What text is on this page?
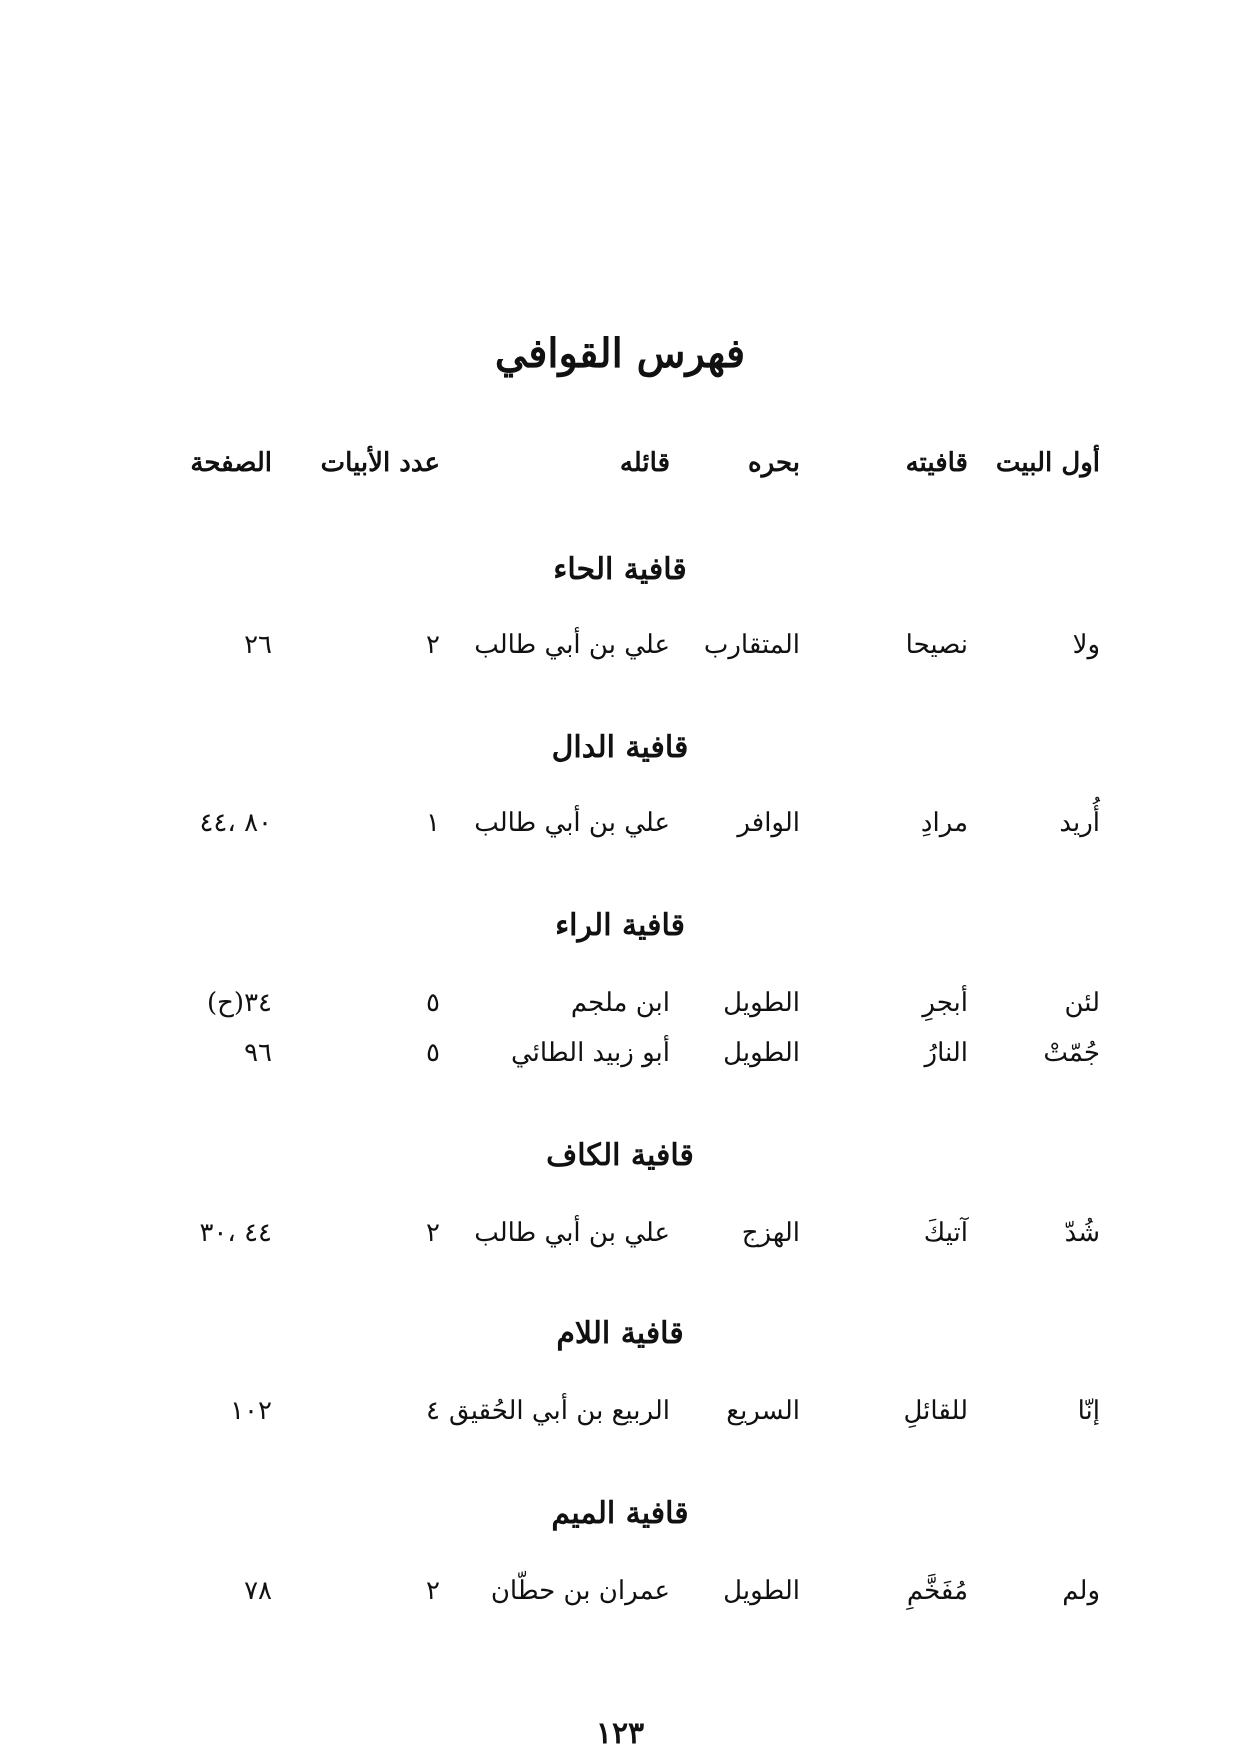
فهرس القوافي
أول البيت
قافيته
بحره
قائله
عدد الأبيات
الصفحة
قافية الحاء
ولا
نصيحا
المتقارب
علي بن أبي طالب
٢
٢٦
قافية الدال
أُريد
مرادِ
الوافر
علي بن أبي طالب
١
٨٠ ،٤٤
قافية الراء
لئن
أبجرِ
الطويل
ابن ملجم
٥
٣٤(ح)
جُمّتْ
النارُ
الطويل
أبو زبيد الطائي
٥
٩٦
قافية الكاف
شُدّ
آتيكَ
الهزج
علي بن أبي طالب
٢
٤٤ ،٣٠
قافية اللام
إنّا
للقائلِ
السريع
الربيع بن أبي الحُقيق
٤
١٠٢
قافية الميم
ولم
مُفَخَّمِ
الطويل
عمران بن حطّان
٢
٧٨
١٢٣
